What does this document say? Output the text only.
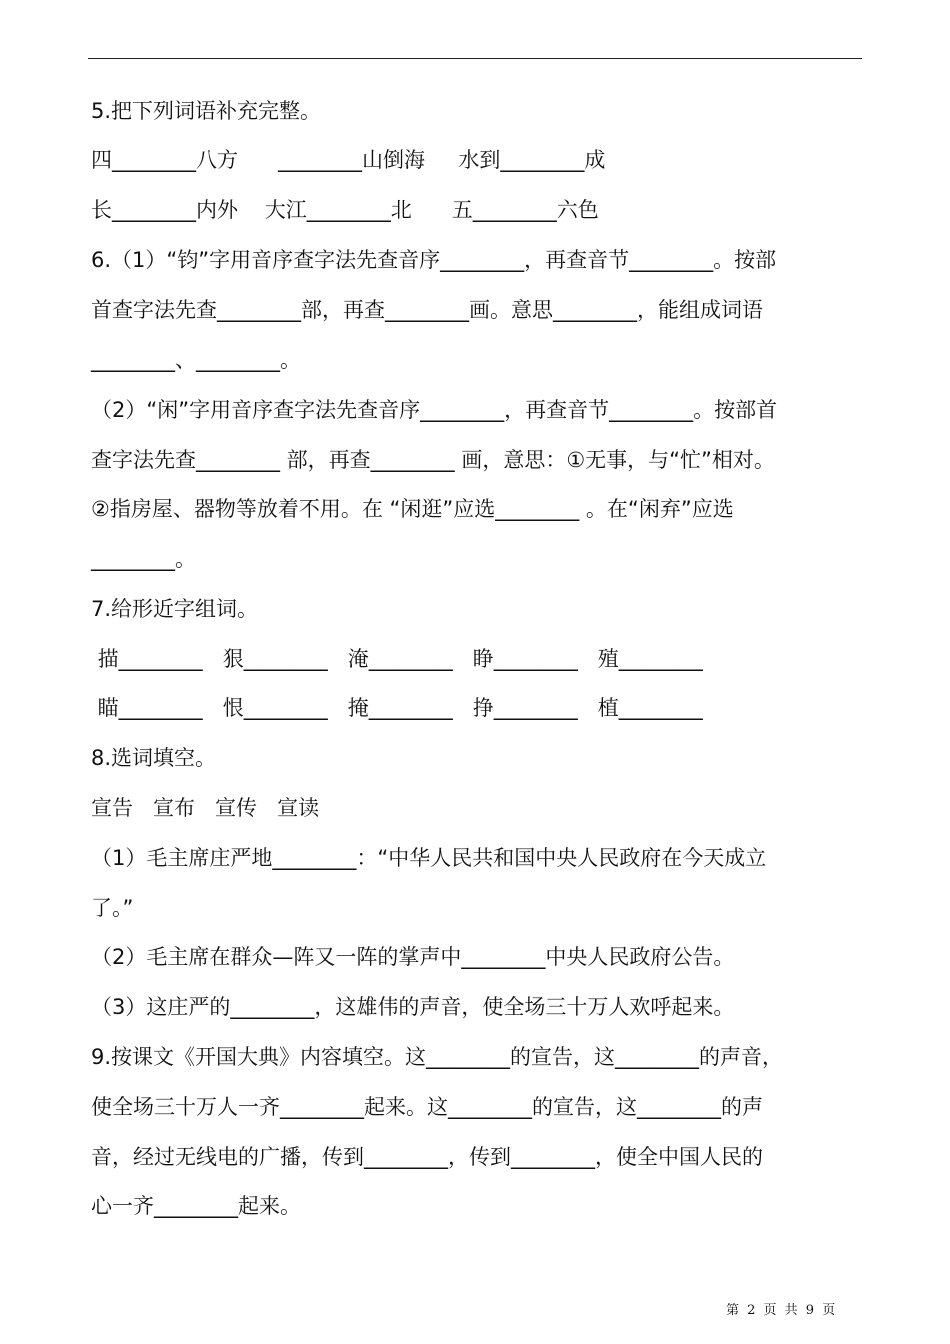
5.把下列词语补充完整。
四________八方      ________山倒海     水到________成
长________内外    大江________北      五________六色
6.（1）“钧”字用音序查字法先查音序________，再查音节________。按部
首查字法先查________部，再查________画。意思________，能组成词语
________、________。
（2）“闲”字用音序查字法先查音序________，再查音节________。按部首
查字法先查________ 部，再查________ 画，意思：①无事，与“忙”相对。
②指房屋、器物等放着不用。在 “闲逛”应选________ 。在“闲弃”应选
________。
7.给形近字组词。
描________   狠________   淹________   睁________   殖________
瞄________   恨________   掩________   挣________   植________
8.选词填空。
宣告   宣布   宣传   宣读
（1）毛主席庄严地________：“中华人民共和国中央人民政府在今天成立
了。”
（2）毛主席在群众—阵又一阵的掌声中________中央人民政府公告。
（3）这庄严的________，这雄伟的声音，使全场三十万人欢呼起来。
9.按课文《开国大典》内容填空。这________的宣告，这________的声音，
使全场三十万人一齐________起来。这________的宣告，这________的声
音，经过无线电的广播，传到________，传到________，使全中国人民的
心一齐________起来。
第 2 页 共 9 页
